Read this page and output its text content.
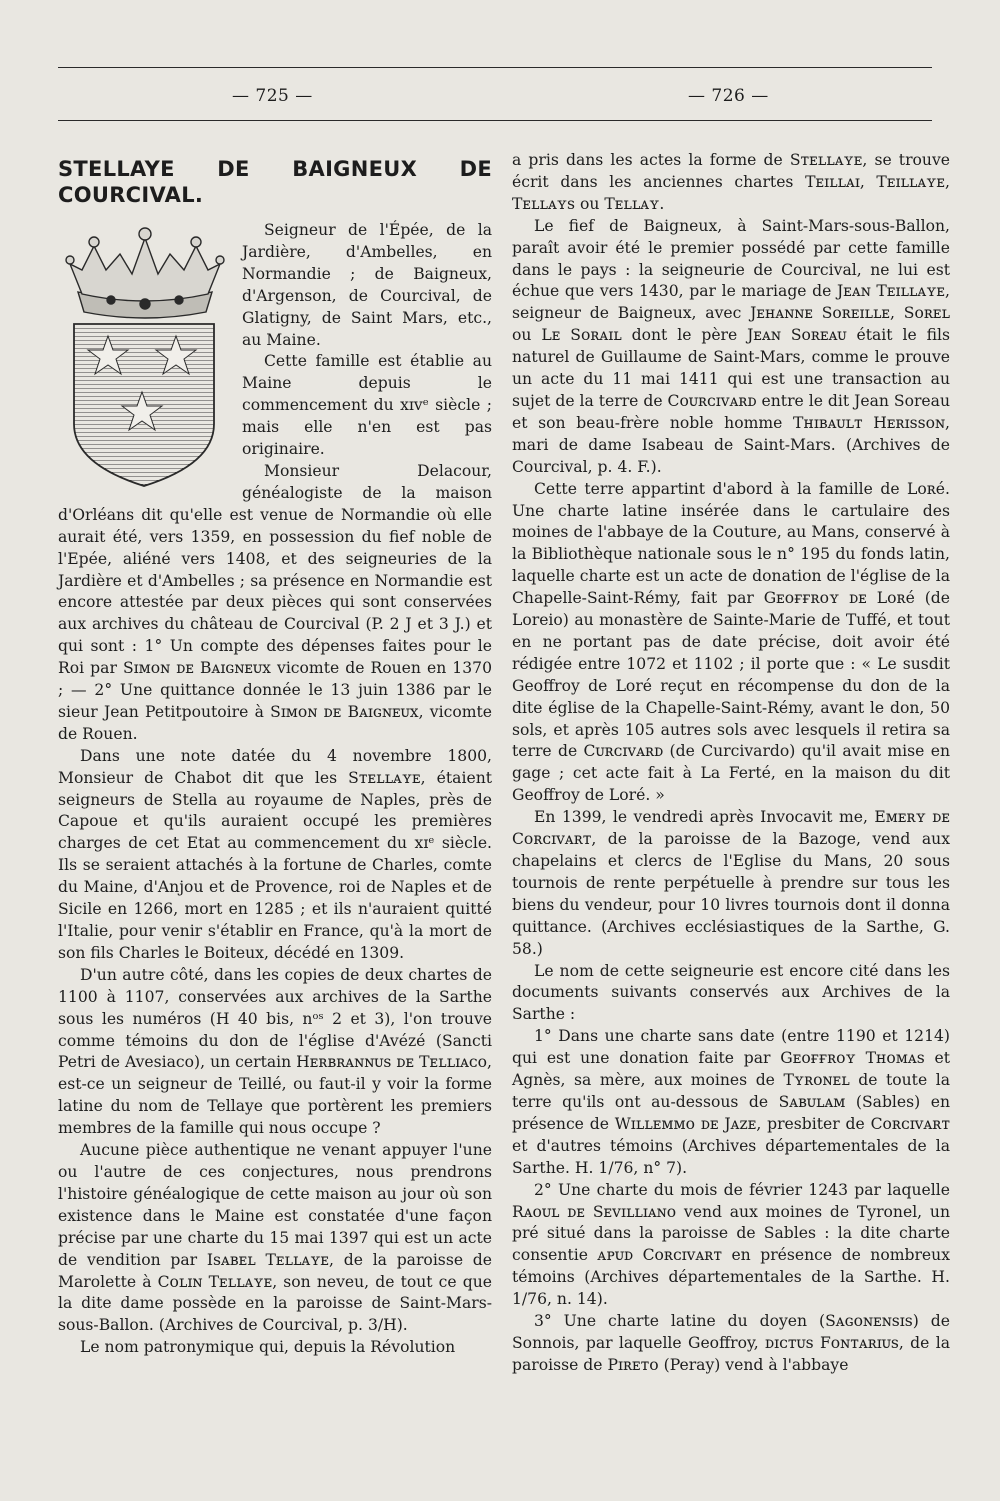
— 725 —	— 726 —
STELLAYE DE BAIGNEUX DE COURCIVAL.

Seigneur de l'Épée, de la Jardière, d'Ambelles, en Normandie ; de Baigneux, d'Argenson, de Courcival, de Glatigny, de Saint Mars, etc., au Maine.

Cette famille est établie au Maine depuis le commencement du xɪᴠᵉ siècle ; mais elle n'en est pas originaire.

Monsieur Delacour, généalogiste de la maison d'Orléans dit qu'elle est venue de Normandie où elle aurait été, vers 1359, en possession du fief noble de l'Epée, aliéné vers 1408, et des seigneuries de la Jardière et d'Ambelles ; sa présence en Normandie est encore attestée par deux pièces qui sont conservées aux archives du château de Courcival (P. 2 J et 3 J.) et qui sont : 1° Un compte des dépenses faites pour le Roi par Sɪᴍᴏɴ ᴅᴇ Bᴀɪɢɴᴇᴜx vicomte de Rouen en 1370 ; — 2° Une quittance donnée le 13 juin 1386 par le sieur Jean Petitpoutoire à Sɪᴍᴏɴ ᴅᴇ Bᴀɪɢɴᴇᴜx, vicomte de Rouen.

Dans une note datée du 4 novembre 1800, Monsieur de Chabot dit que les Sᴛᴇʟʟᴀʏᴇ, étaient seigneurs de Stella au royaume de Naples, près de Capoue et qu'ils auraient occupé les premières charges de cet Etat au commencement du xɪᵉ siècle. Ils se seraient attachés à la fortune de Charles, comte du Maine, d'Anjou et de Provence, roi de Naples et de Sicile en 1266, mort en 1285 ; et ils n'auraient quitté l'Italie, pour venir s'établir en France, qu'à la mort de son fils Charles le Boiteux, décédé en 1309.

D'un autre côté, dans les copies de deux chartes de 1100 à 1107, conservées aux archives de la Sarthe sous les numéros (H 40 bis, nᵒˢ 2 et 3), l'on trouve comme témoins du don de l'église d'Avézé (Sancti Petri de Avesiaco), un certain Hᴇʀʙʀᴀɴɴᴜs ᴅᴇ Tᴇʟʟɪᴀᴄᴏ, est-ce un seigneur de Teillé, ou faut-il y voir la forme latine du nom de Tellaye que portèrent les premiers membres de la famille qui nous occupe ?

Aucune pièce authentique ne venant appuyer l'une ou l'autre de ces conjectures, nous prendrons l'histoire généalogique de cette maison au jour où son existence dans le Maine est constatée d'une façon précise par une charte du 15 mai 1397 qui est un acte de vendition par Isᴀʙᴇʟ Tᴇʟʟᴀʏᴇ, de la paroisse de Marolette à Cᴏʟɪɴ Tᴇʟʟᴀʏᴇ, son neveu, de tout ce que la dite dame possède en la paroisse de Saint-Mars-sous-Ballon. (Archives de Courcival, p. 3/H).

Le nom patronymique qui, depuis la Révolution

a pris dans les actes la forme de Sᴛᴇʟʟᴀʏᴇ, se trouve écrit dans les anciennes chartes Tᴇɪʟʟᴀɪ, Tᴇɪʟʟᴀʏᴇ, Tᴇʟʟᴀʏs ou Tᴇʟʟᴀʏ.

Le fief de Baigneux, à Saint-Mars-sous-Ballon, paraît avoir été le premier possédé par cette famille dans le pays : la seigneurie de Courcival, ne lui est échue que vers 1430, par le mariage de Jᴇᴀɴ Tᴇɪʟʟᴀʏᴇ, seigneur de Baigneux, avec Jᴇʜᴀɴɴᴇ Sᴏʀᴇɪʟʟᴇ, Sᴏʀᴇʟ ou Lᴇ Sᴏʀᴀɪʟ dont le père Jᴇᴀɴ Sᴏʀᴇᴀᴜ était le fils naturel de Guillaume de Saint-Mars, comme le prouve un acte du 11 mai 1411 qui est une transaction au sujet de la terre de Cᴏᴜʀᴄɪᴠᴀʀᴅ entre le dit Jean Soreau et son beau-frère noble homme Tʜɪʙᴀᴜʟᴛ Hᴇʀɪssᴏɴ, mari de dame Isabeau de Saint-Mars. (Archives de Courcival, p. 4. F.).

Cette terre appartint d'abord à la famille de Lᴏʀé. Une charte latine insérée dans le cartulaire des moines de l'abbaye de la Couture, au Mans, conservé à la Bibliothèque nationale sous le n° 195 du fonds latin, laquelle charte est un acte de donation de l'église de la Chapelle-Saint-Rémy, fait par Gᴇᴏғғʀᴏʏ ᴅᴇ Lᴏʀé (de Loreio) au monastère de Sainte-Marie de Tuffé, et tout en ne portant pas de date précise, doit avoir été rédigée entre 1072 et 1102 ; il porte que : « Le susdit Geoffroy de Loré reçut en récompense du don de la dite église de la Chapelle-Saint-Rémy, avant le don, 50 sols, et après 105 autres sols avec lesquels il retira sa terre de Cᴜʀᴄɪᴠᴀʀᴅ (de Curcivardo) qu'il avait mise en gage ; cet acte fait à La Ferté, en la maison du dit Geoffroy de Loré. »

En 1399, le vendredi après Invocavit me, Eᴍᴇʀʏ ᴅᴇ Cᴏʀᴄɪᴠᴀʀᴛ, de la paroisse de la Bazoge, vend aux chapelains et clercs de l'Eglise du Mans, 20 sous tournois de rente perpétuelle à prendre sur tous les biens du vendeur, pour 10 livres tournois dont il donna quittance. (Archives ecclésiastiques de la Sarthe, G. 58.)

Le nom de cette seigneurie est encore cité dans les documents suivants conservés aux Archives de la Sarthe :

1° Dans une charte sans date (entre 1190 et 1214) qui est une donation faite par Gᴇᴏғғʀᴏʏ Tʜᴏᴍᴀs et Agnès, sa mère, aux moines de Tʏʀᴏɴᴇʟ de toute la terre qu'ils ont au-dessous de Sᴀʙᴜʟᴀᴍ (Sables) en présence de Wɪʟʟᴇᴍᴍᴏ ᴅᴇ Jᴀᴢᴇ, presbiter de Cᴏʀᴄɪᴠᴀʀᴛ et d'autres témoins (Archives départementales de la Sarthe. H. 1/76, n° 7).

2° Une charte du mois de février 1243 par laquelle Rᴀᴏᴜʟ ᴅᴇ Sᴇᴠɪʟʟɪᴀɴᴏ vend aux moines de Tyronel, un pré situé dans la paroisse de Sables : la dite charte consentie ᴀᴘᴜᴅ Cᴏʀᴄɪᴠᴀʀᴛ en présence de nombreux témoins (Archives départementales de la Sarthe. H. 1/76, n. 14).

3° Une charte latine du doyen (Sᴀɢᴏɴᴇɴsɪs) de Sonnois, par laquelle Geoffroy, ᴅɪᴄᴛᴜs Fᴏɴᴛᴀʀɪᴜs, de la paroisse de Pɪʀᴇᴛᴏ (Peray) vend à l'abbaye
